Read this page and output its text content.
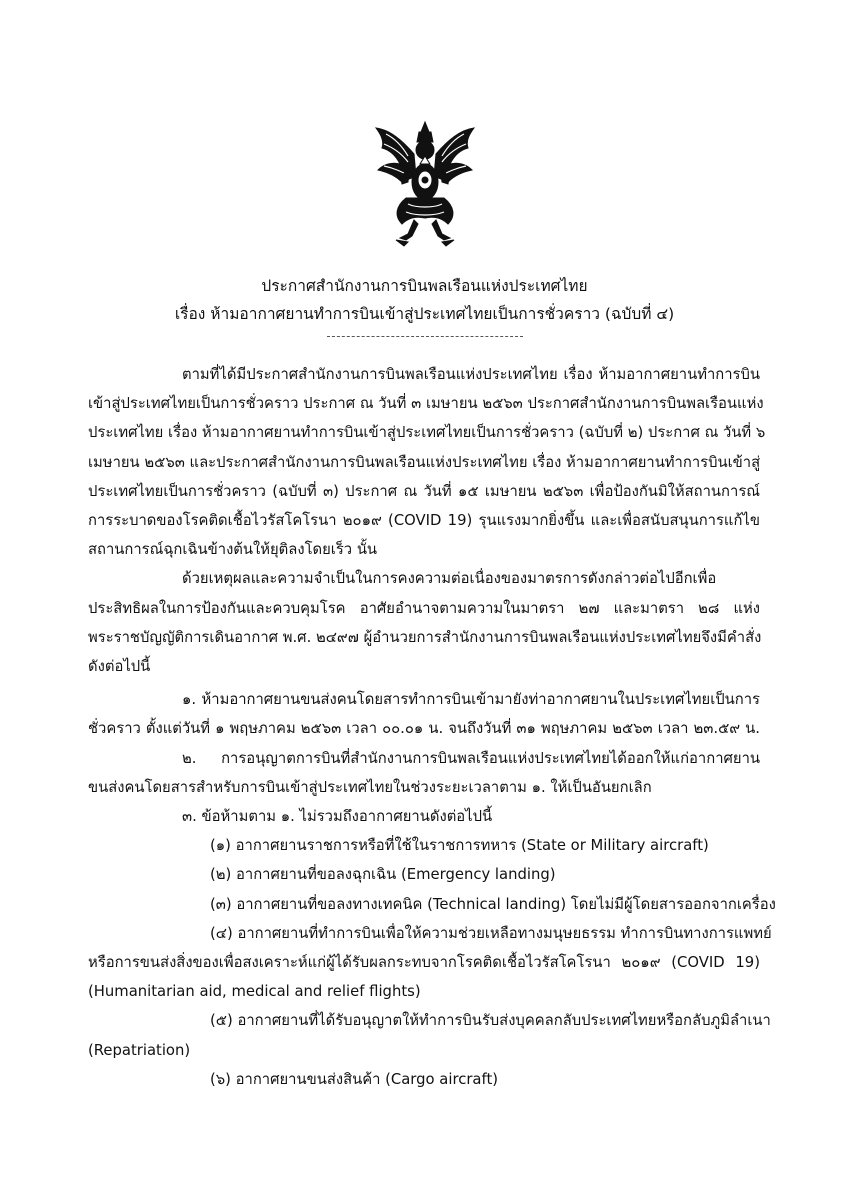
ประกาศสำนักงานการบินพลเรือนแห่งประเทศไทย
เรื่อง ห้ามอากาศยานทำการบินเข้าสู่ประเทศไทยเป็นการชั่วคราว (ฉบับที่ ๔)
ตามที่ได้มีประกาศสำนักงานการบินพลเรือนแห่งประเทศไทย เรื่อง ห้ามอากาศยานทำการบิน
เข้าสู่ประเทศไทยเป็นการชั่วคราว ประกาศ ณ วันที่ ๓ เมษายน ๒๕๖๓ ประกาศสำนักงานการบินพลเรือนแห่ง
ประเทศไทย เรื่อง ห้ามอากาศยานทำการบินเข้าสู่ประเทศไทยเป็นการชั่วคราว (ฉบับที่ ๒) ประกาศ ณ วันที่ ๖
เมษายน ๒๕๖๓ และประกาศสำนักงานการบินพลเรือนแห่งประเทศไทย เรื่อง ห้ามอากาศยานทำการบินเข้าสู่
ประเทศไทยเป็นการชั่วคราว (ฉบับที่ ๓) ประกาศ ณ วันที่ ๑๕ เมษายน ๒๕๖๓ เพื่อป้องกันมิให้สถานการณ์
การระบาดของโรคติดเชื้อไวรัสโคโรนา ๒๐๑๙ (COVID 19) รุนแรงมากยิ่งขึ้น และเพื่อสนับสนุนการแก้ไข
สถานการณ์ฉุกเฉินข้างต้นให้ยุติลงโดยเร็ว นั้น
ด้วยเหตุผลและความจำเป็นในการคงความต่อเนื่องของมาตรการดังกล่าวต่อไปอีกเพื่อ
ประสิทธิผลในการป้องกันและควบคุมโรค อาศัยอำนาจตามความในมาตรา ๒๗ และมาตรา ๒๘ แห่ง
พระราชบัญญัติการเดินอากาศ พ.ศ. ๒๔๙๗ ผู้อำนวยการสำนักงานการบินพลเรือนแห่งประเทศไทยจึงมีคำสั่ง
ดังต่อไปนี้
๑. ห้ามอากาศยานขนส่งคนโดยสารทำการบินเข้ามายังท่าอากาศยานในประเทศไทยเป็นการ
ชั่วคราว ตั้งแต่วันที่ ๑ พฤษภาคม ๒๕๖๓ เวลา ๐๐.๐๑ น. จนถึงวันที่ ๓๑ พฤษภาคม ๒๕๖๓ เวลา ๒๓.๕๙ น.
๒. การอนุญาตการบินที่สำนักงานการบินพลเรือนแห่งประเทศไทยได้ออกให้แก่อากาศยาน
ขนส่งคนโดยสารสำหรับการบินเข้าสู่ประเทศไทยในช่วงระยะเวลาตาม ๑. ให้เป็นอันยกเลิก
๓. ข้อห้ามตาม ๑. ไม่รวมถึงอากาศยานดังต่อไปนี้
(๑) อากาศยานราชการหรือที่ใช้ในราชการทหาร (State or Military aircraft)
(๒) อากาศยานที่ขอลงฉุกเฉิน (Emergency landing)
(๓) อากาศยานที่ขอลงทางเทคนิค (Technical landing) โดยไม่มีผู้โดยสารออกจากเครื่อง
(๔) อากาศยานที่ทำการบินเพื่อให้ความช่วยเหลือทางมนุษยธรรม ทำการบินทางการแพทย์
หรือการขนส่งสิ่งของเพื่อสงเคราะห์แก่ผู้ได้รับผลกระทบจากโรคติดเชื้อไวรัสโคโรนา ๒๐๑๙ (COVID 19)
(Humanitarian aid, medical and relief flights)
(๕) อากาศยานที่ได้รับอนุญาตให้ทำการบินรับส่งบุคคลกลับประเทศไทยหรือกลับภูมิลำเนา
(Repatriation)
(๖) อากาศยานขนส่งสินค้า (Cargo aircraft)
